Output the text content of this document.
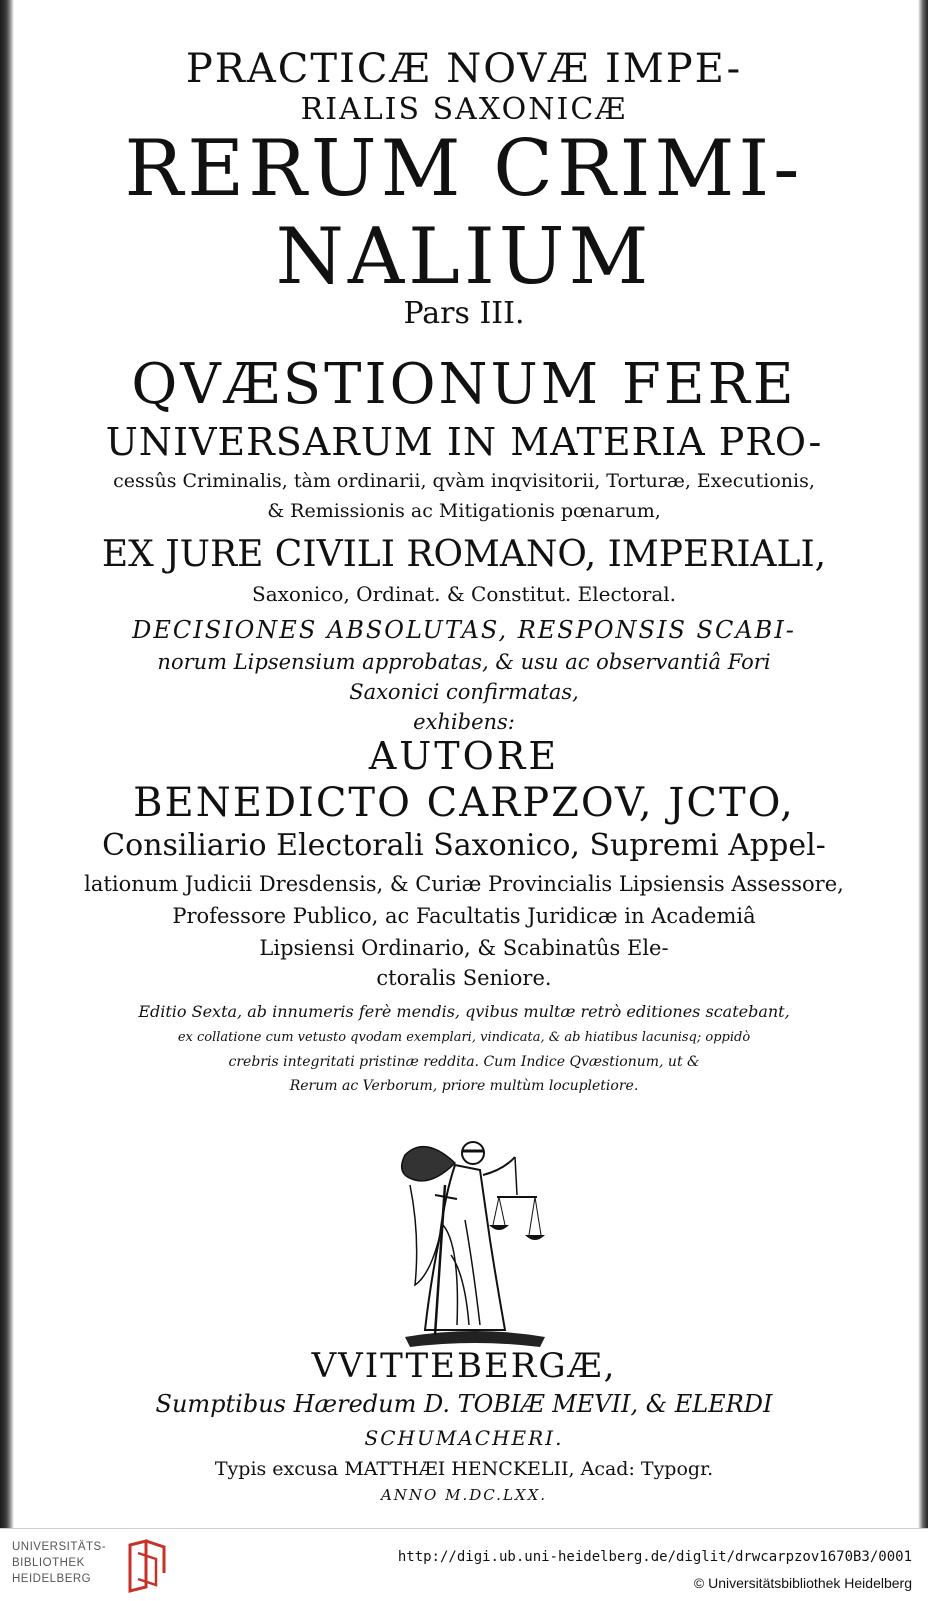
PRACTICÆ NOVÆ IMPE-
RIALIS SAXONICÆ
RERUM CRIMI-
NALIUM
Pars III.
QVÆSTIONUM FERE
UNIVERSARUM IN MATERIA PRO-
cessûs Criminalis, tàm ordinarii, qvàm inqvisitorii, Torturæ, Executionis,
& Remissionis ac Mitigationis pœnarum,
EX JURE CIVILI ROMANO, IMPERIALI,
Saxonico, Ordinat. & Constitut. Electoral.
DECISIONES ABSOLUTAS, RESPONSIS SCABI-
norum Lipsensium approbatas, & usu ac observantiâ Fori
Saxonici confirmatas,
exhibens:
AUTORE
BENEDICTO CARPZOV, JCTO,
Consiliario Electorali Saxonico, Supremi Appel-
lationum Judicii Dresdensis, & Curiæ Provincialis Lipsiensis Assessore,
Professore Publico, ac Facultatis Juridicæ in Academiâ
Lipsiensi Ordinario, & Scabinatûs Ele-
ctoralis Seniore.
Editio Sexta, ab innumeris ferè mendis, qvibus multæ retrò editiones scatebant,
ex collatione cum vetusto qvodam exemplari, vindicata, & ab hiatibus lacunisq; oppidò
crebris integritati pristinæ reddita. Cum Indice Qvæstionum, ut &
Rerum ac Verborum, priore multùm locupletiore.
VVITTEBERGÆ,
Sumptibus Hæredum D. TOBIÆ MEVII, & ELERDI
SCHUMACHERI.
Typis excusa MATTHÆI HENCKELII, Acad: Typogr.
ANNO M.DC.LXX.
UNIVERSITÄTS-
BIBLIOTHEK
HEIDELBERG
http://digi.ub.uni-heidelberg.de/diglit/drwcarpzov1670B3/0001
© Universitätsbibliothek Heidelberg
